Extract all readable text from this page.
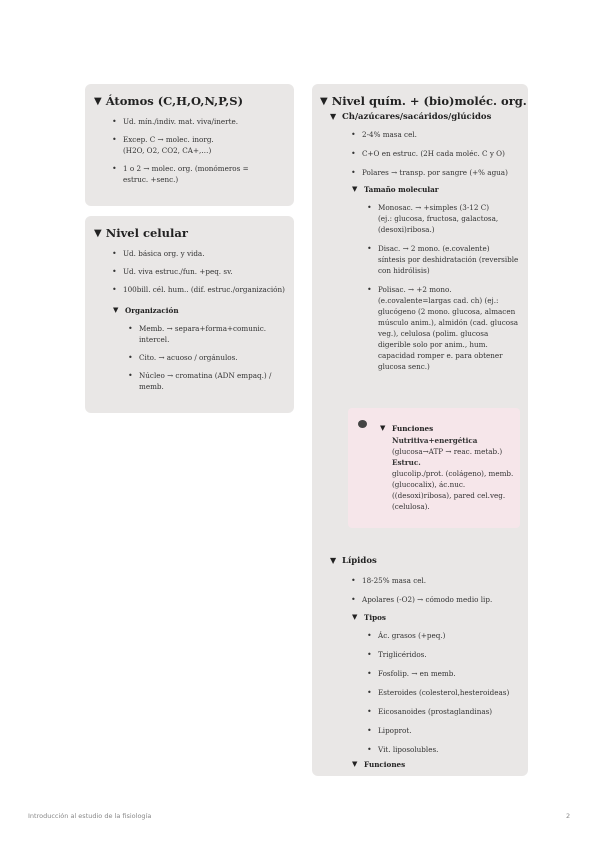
▼ Átomos (C,H,O,N,P,S)
• Ud. mín./indiv. mat. viva/inerte.
• Excep. C → molec. inorg.
(H2O, O2, CO2, CA+,…)
• 1 o 2 → molec. org. (monómeros =
estruc. +senc.)
▼ Nivel celular
• Ud. básica org. y vida.
• Ud. viva estruc./fun. +peq. sv.
• 100bill. cél. hum.. (dif. estruc./organización)
▼ Organización
• Memb. → separa+forma+comunic.
intercel.
• Cito. → acuoso / orgánulos.
• Núcleo → cromatina (ADN empaq.) /
memb.
▼ Nivel quím. + (bio)moléc. org.
▼ Ch/azúcares/sacáridos/glúcidos
• 2-4% masa cel.
• C+O en estruc. (2H cada moléc. C y O)
• Polares → transp. por sangre (+% agua)
▼ Tamaño molecular
• Monosac. → +simples (3-12 C)
(ej.: glucosa, fructosa, galactosa,
(desoxi)ribosa.)
• Disac. → 2 mono. (e.covalente)
síntesis por deshidratación (reversible
con hidrólisis)
• Polisac. → +2 mono.
(e.covalente=largas cad. ch) (ej.:
glucógeno (2 mono. glucosa, almacen
músculo anim.), almidón (cad. glucosa
veg.), celulosa (polim. glucosa
digerible solo por anim., hum.
capacidad romper e. para obtener
glucosa senc.)
▼ Funciones
Nutritiva+energética
(glucosa→ATP → reac. metab.)
Estruc.
glucolip./prot. (colágeno), memb.
(glucocalix), ác.nuc.
((desoxi)ribosa), pared cel.veg.
(celulosa).
▼ Lípidos
• 18-25% masa cel.
• Apolares (-O2) → cómodo medio lip.
▼ Tipos
• Ác. grasos (+peq.)
• Triglicéridos.
• Fosfolip. → en memb.
• Esteroides (colesterol,hesteroideas)
• Eicosanoides (prostaglandinas)
• Lipoprot.
• Vit. liposolubles.
▼ Funciones
Introducción al estudio de la fisiología	2
